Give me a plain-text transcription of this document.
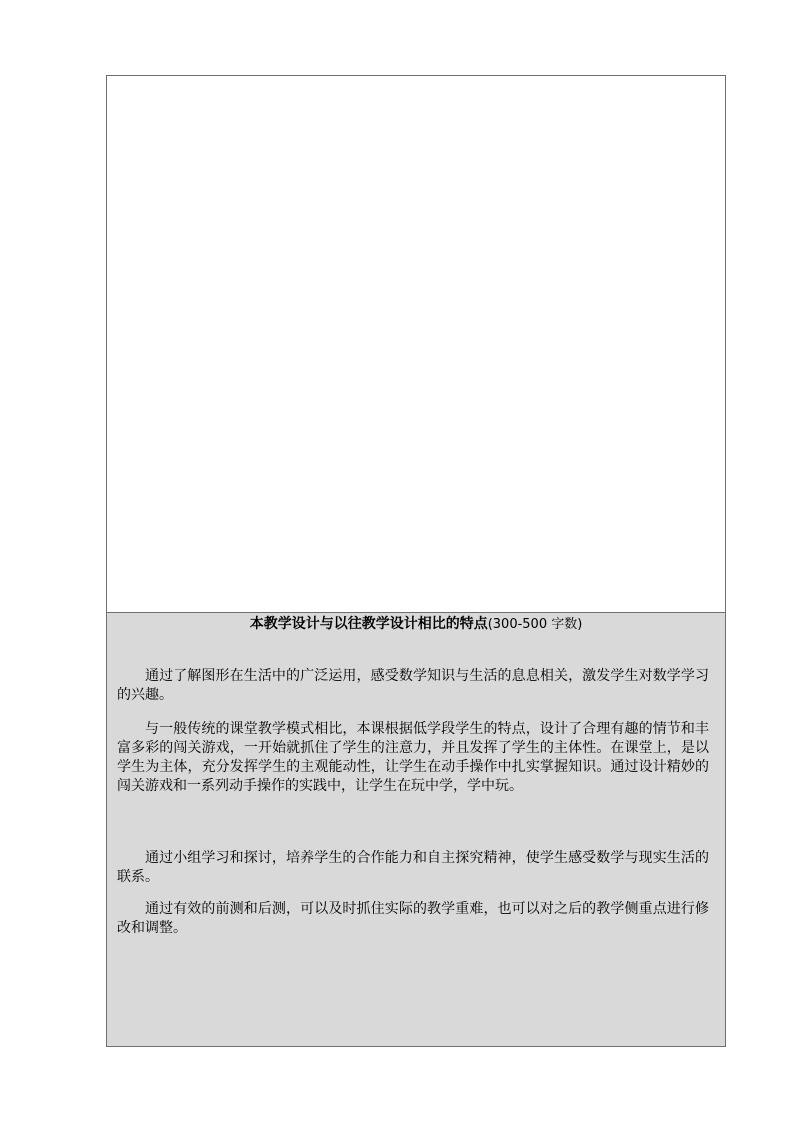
本教学设计与以往教学设计相比的特点(300-500 字数)

通过了解图形在生活中的广泛运用，感受数学知识与生活的息息相关，激发学生对数学学习的兴趣。

与一般传统的课堂教学模式相比，本课根据低学段学生的特点，设计了合理有趣的情节和丰富多彩的闯关游戏，一开始就抓住了学生的注意力，并且发挥了学生的主体性。在课堂上，是以学生为主体，充分发挥学生的主观能动性，让学生在动手操作中扎实掌握知识。通过设计精妙的闯关游戏和一系列动手操作的实践中，让学生在玩中学，学中玩。

通过小组学习和探讨，培养学生的合作能力和自主探究精神，使学生感受数学与现实生活的联系。

通过有效的前测和后测，可以及时抓住实际的教学重难，也可以对之后的教学侧重点进行修改和调整。
